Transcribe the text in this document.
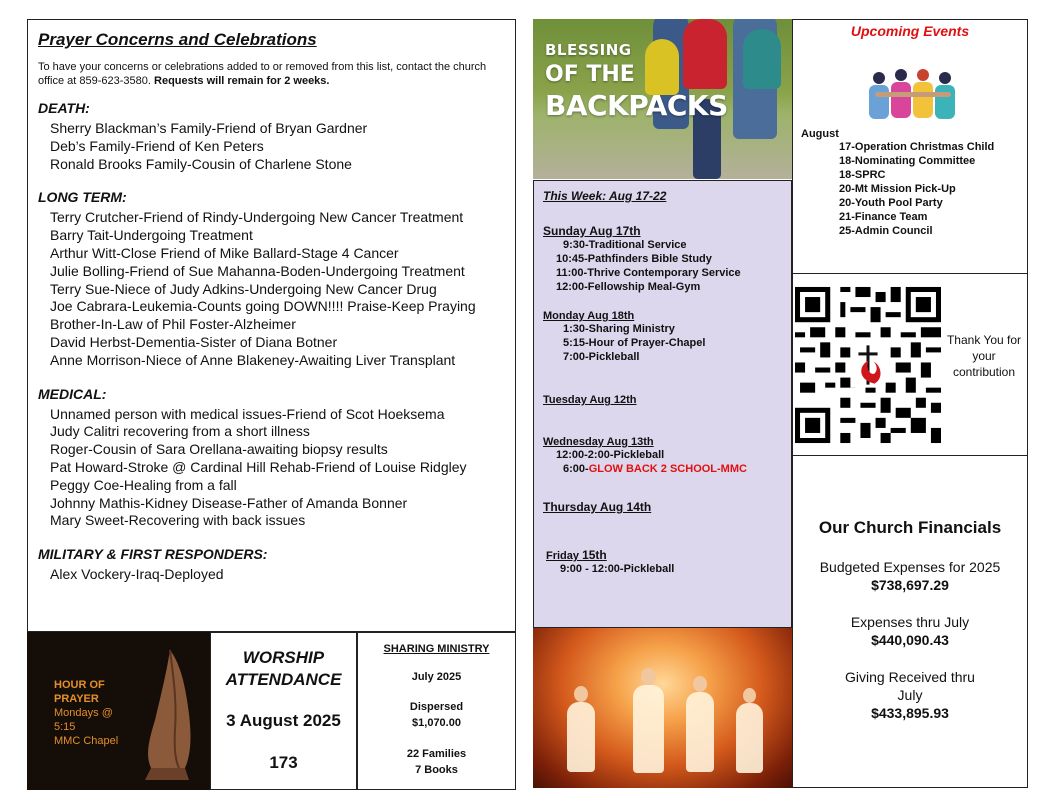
Prayer Concerns and Celebrations
To have your concerns or celebrations added to or removed from this list, contact the church office at 859-623-3580. Requests will remain for 2 weeks.
DEATH:
Sherry Blackman’s Family-Friend of Bryan Gardner
Deb’s Family-Friend of Ken Peters
Ronald Brooks Family-Cousin of Charlene Stone
LONG TERM:
Terry Crutcher-Friend of Rindy-Undergoing New Cancer Treatment
Barry Tait-Undergoing Treatment
Arthur Witt-Close Friend of Mike Ballard-Stage 4 Cancer
Julie Bolling-Friend of Sue Mahanna-Boden-Undergoing Treatment
Terry Sue-Niece of Judy Adkins-Undergoing New Cancer Drug
Joe Cabrara-Leukemia-Counts going DOWN!!!! Praise-Keep Praying
Brother-In-Law of Phil Foster-Alzheimer
David Herbst-Dementia-Sister of Diana Botner
Anne Morrison-Niece of Anne Blakeney-Awaiting Liver Transplant
MEDICAL:
Unnamed person with medical issues-Friend of Scot Hoeksema
Judy Calitri recovering from a short illness
Roger-Cousin of Sara Orellana-awaiting biopsy results
Pat Howard-Stroke @ Cardinal Hill Rehab-Friend of Louise Ridgley
Peggy Coe-Healing from a fall
Johnny Mathis-Kidney Disease-Father of Amanda Bonner
Mary Sweet-Recovering with back issues
MILITARY & FIRST RESPONDERS:
Alex Vockery-Iraq-Deployed
BLESSING
OF THE
BACKPACKS
This Week: Aug 17-22
Sunday Aug 17th
9:30-Traditional Service
10:45-Pathfinders Bible Study
11:00-Thrive Contemporary Service
12:00-Fellowship Meal-Gym
Monday Aug 18th
1:30-Sharing Ministry
5:15-Hour of Prayer-Chapel
7:00-Pickleball
Tuesday Aug 12th
Wednesday Aug 13th
12:00-2:00-Pickleball
6:00-GLOW BACK 2 SCHOOL-MMC
Thursday Aug 14th
Friday 15th
9:00 - 12:00-Pickleball
Upcoming Events
August
17-Operation Christmas Child
18-Nominating Committee
18-SPRC
20-Mt Mission Pick-Up
20-Youth Pool Party
21-Finance Team
25-Admin Council
Thank You for your contribution
Our Church Financials
Budgeted Expenses for 2025
$738,697.29
Expenses thru July
$440,090.43
Giving Received thru July
$433,895.93
HOUR OF
PRAYER
Mondays @
5:15
MMC Chapel
WORSHIP ATTENDANCE
3 August 2025
173
SHARING MINISTRY
July 2025
Dispersed
$1,070.00
22 Families
7 Books
